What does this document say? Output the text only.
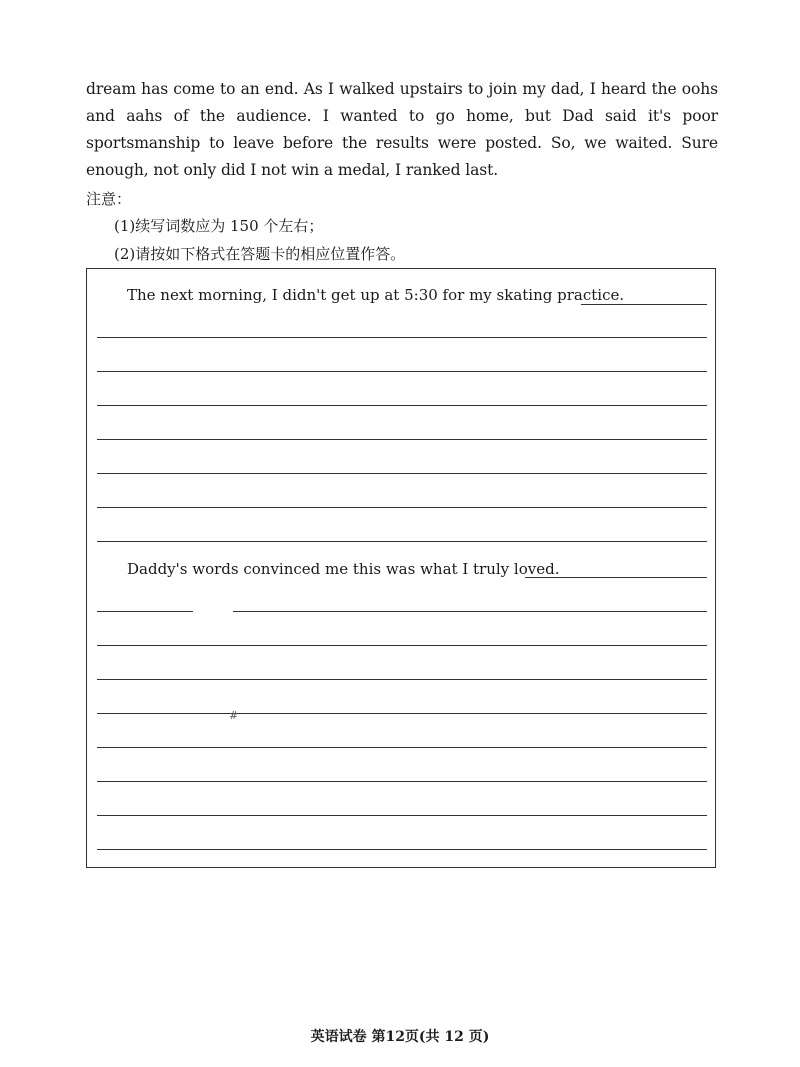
dream has come to an end. As I walked upstairs to join my dad, I heard the oohs and aahs of the audience. I wanted to go home, but Dad said it's poor sportsmanship to leave before the results were posted. So, we waited. Sure enough, not only did I not win a medal, I ranked last.

注意：
(1)续写词数应为 150 个左右；
(2)请按如下格式在答题卡的相应位置作答。
The next morning, I didn't get up at 5:30 for my skating practice.
Daddy's words convinced me this was what I truly loved.
#
英语试卷 第12页(共 12 页)
